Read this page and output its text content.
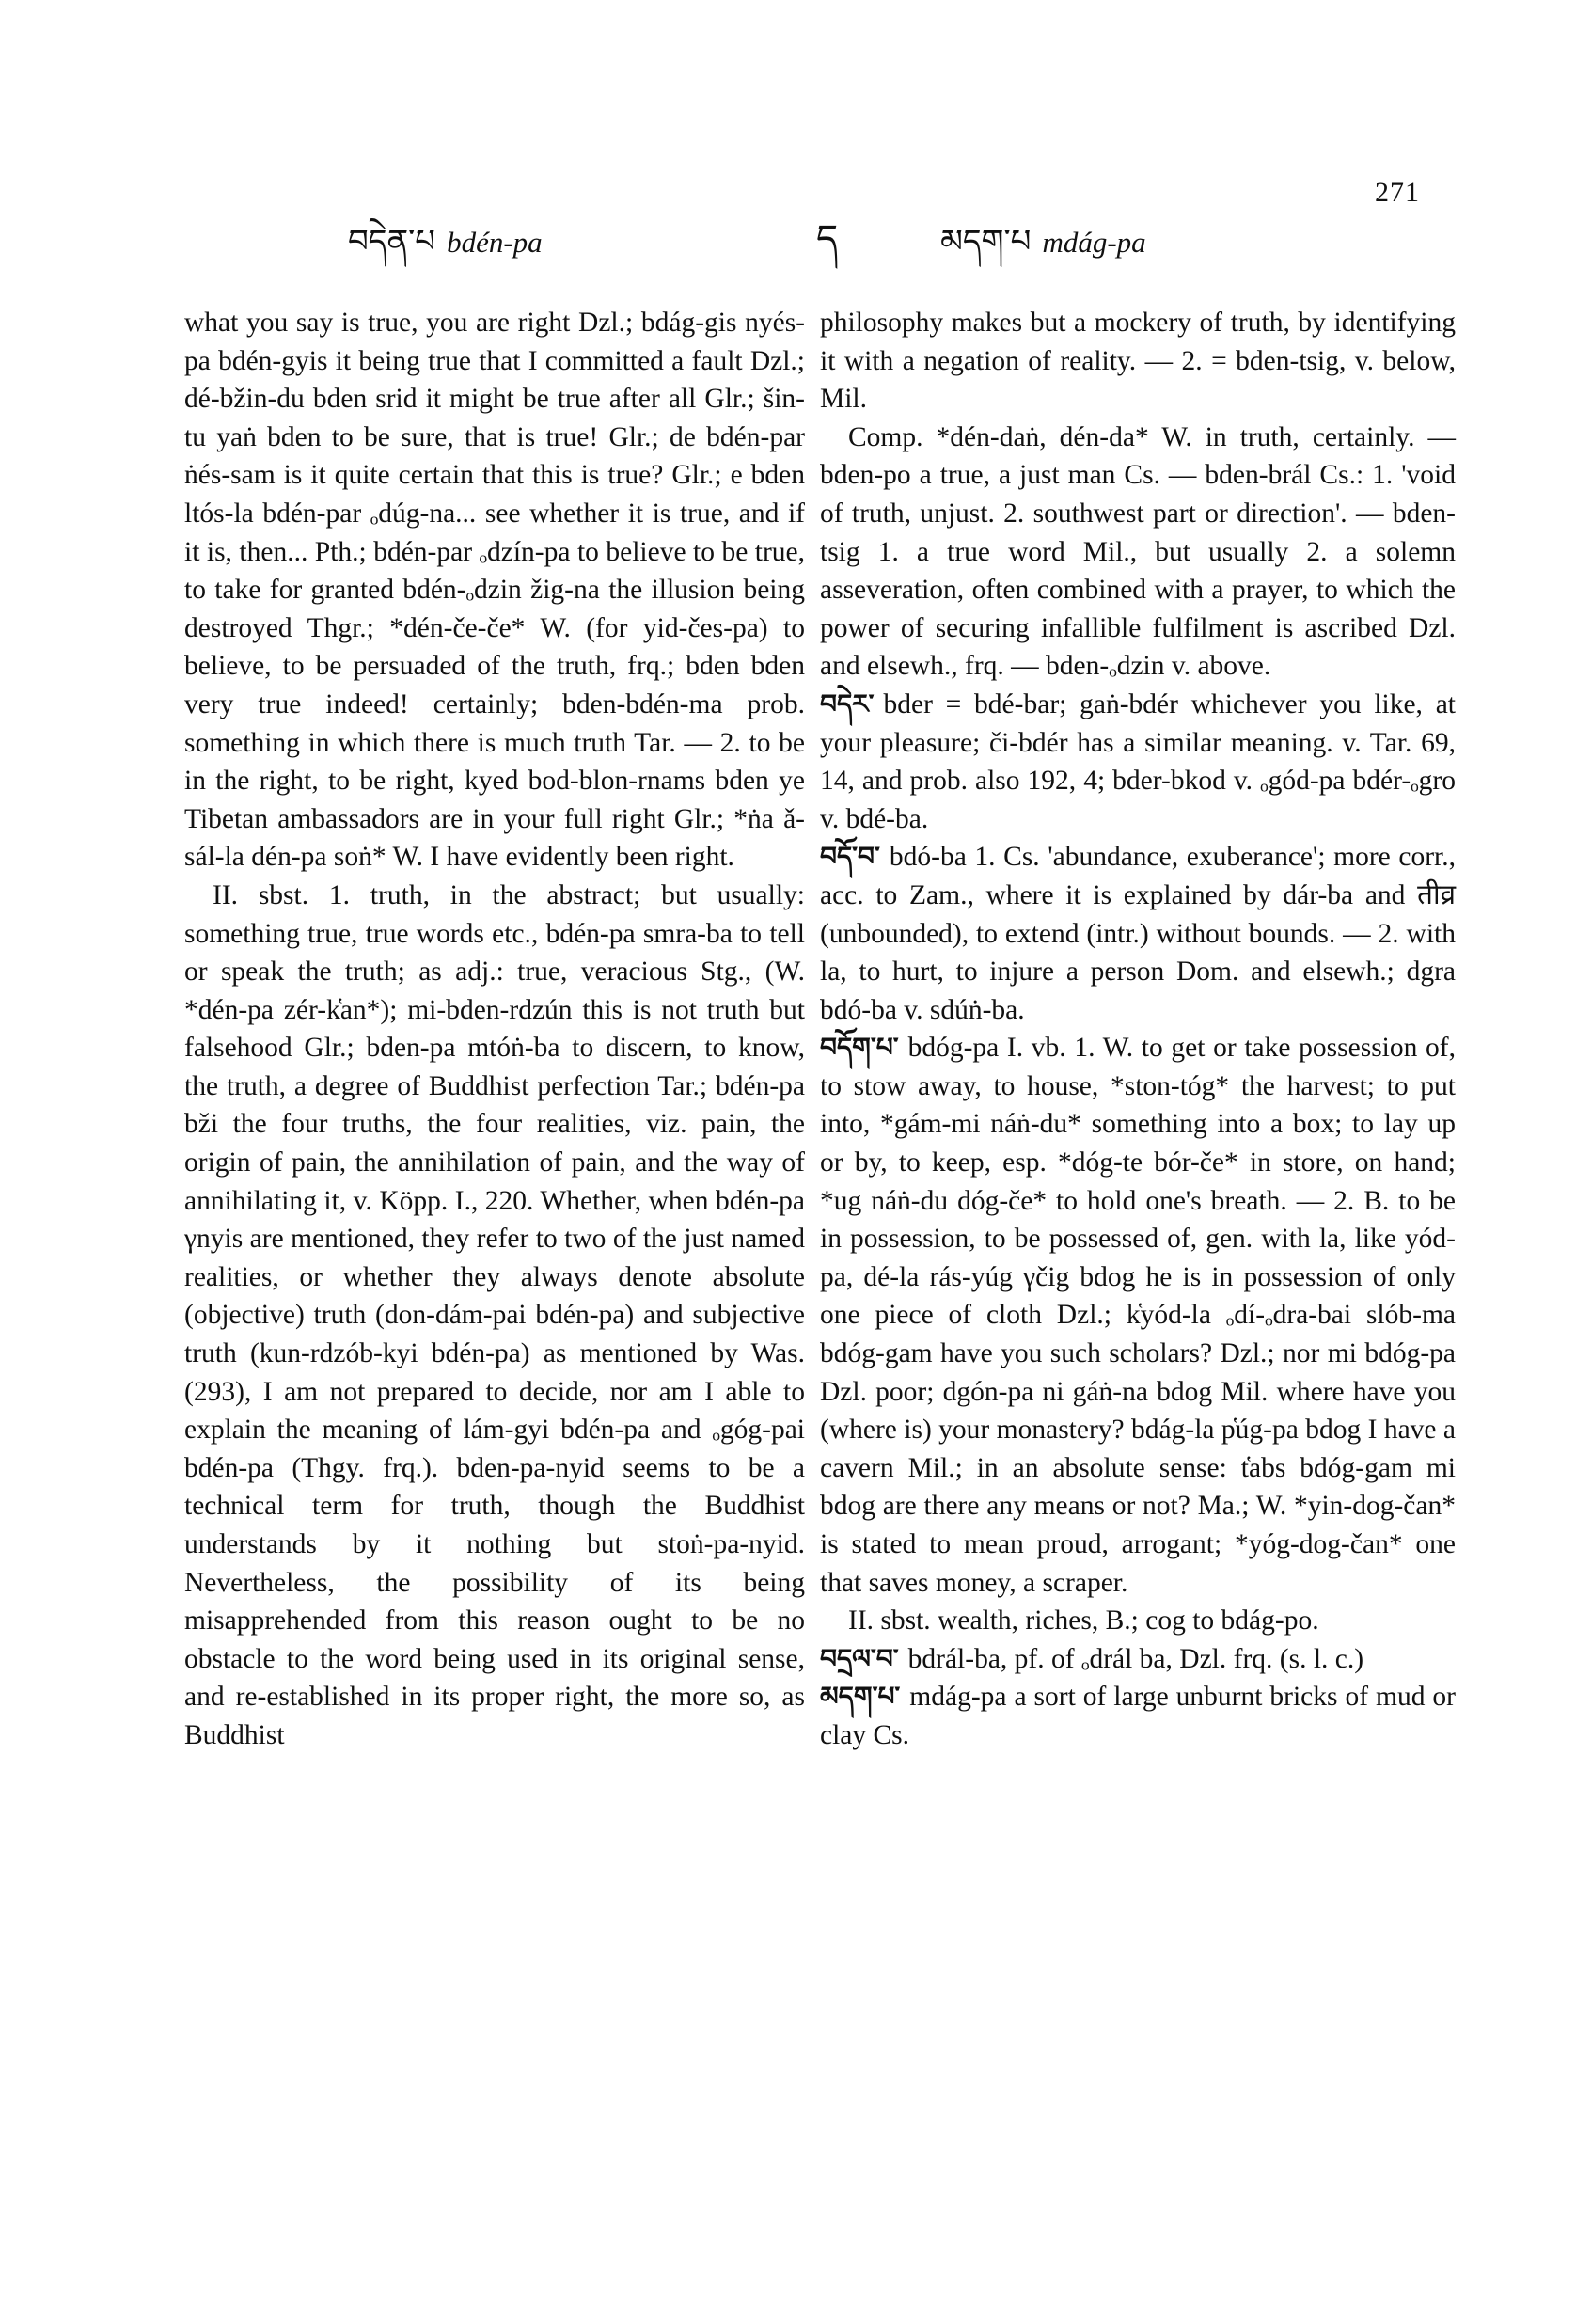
271
བདེན་པ bdén-pa	ད	མདག་པ mdág-pa

what you say is true, you are right Dzl.; bdág-gis nyés-pa bdén-gyis it being true that I committed a fault Dzl.; dé-bžin-du bden srid it might be true after all Glr.; šin-tu yaṅ bden to be sure, that is true! Glr.; de bdén-par ṅés-sam is it quite certain that this is true? Glr.; e bden ltós-la bdén-par ₒdúg-na... see whether it is true, and if it is, then... Pth.; bdén-par ₒdzín-pa to believe to be true, to take for granted bdén-ₒdzin žig-na the illusion being destroyed Thgr.; *dén-če-če* W. (for yid-čes-pa) to believe, to be persuaded of the truth, frq.; bden bden very true indeed! certainly; bden-bdén-ma prob. something in which there is much truth Tar. — 2. to be in the right, to be right, kyed bod-blon-rnams bden ye Tibetan ambassadors are in your full right Glr.; *ṅa ǎ-sál-la dén-pa soṅ* W. I have evidently been right.

II. sbst. 1. truth, in the abstract; but usually: something true, true words etc., bdén-pa smra-ba to tell or speak the truth; as adj.: true, veracious Stg., (W. *dén-pa zér-k̔an*); mi-bden-rdzún this is not truth but falsehood Glr.; bden-pa mtóṅ-ba to discern, to know, the truth, a degree of Buddhist perfection Tar.; bdén-pa bži the four truths, the four realities, viz. pain, the origin of pain, the annihilation of pain, and the way of annihilating it, v. Köpp. I., 220. Whether, when bdén-pa γnyis are mentioned, they refer to two of the just named realities, or whether they always denote absolute (objective) truth (don-dám-pai bdén-pa) and subjective truth (kun-rdzób-kyi bdén-pa) as mentioned by Was. (293), I am not prepared to decide, nor am I able to explain the meaning of lám-gyi bdén-pa and ₒgóg-pai bdén-pa (Thgy. frq.). bden-pa-nyid seems to be a technical term for truth, though the Buddhist understands by it nothing but stoṅ-pa-nyid. Nevertheless, the possibility of its being misapprehended from this reason ought to be no obstacle to the word being used in its original sense, and re-established in its proper right, the more so, as Buddhist

philosophy makes but a mockery of truth, by identifying it with a negation of reality. — 2. = bden-tsig, v. below, Mil.

Comp. *dén-daṅ, dén-da* W. in truth, certainly. — bden-po a true, a just man Cs. — bden-brál Cs.: 1. 'void of truth, unjust. 2. southwest part or direction'. — bden-tsig 1. a true word Mil., but usually 2. a solemn asseveration, often combined with a prayer, to which the power of securing infallible fulfilment is ascribed Dzl. and elsewh., frq. — bden-ₒdzin v. above.

བདེར་ bder = bdé-bar; gaṅ-bdér whichever you like, at your pleasure; či-bdér has a similar meaning. v. Tar. 69, 14, and prob. also 192, 4; bder-bkod v. ₒgód-pa bdér-ₒgro v. bdé-ba.

བདོ་བ་ bdó-ba 1. Cs. 'abundance, exuberance'; more corr., acc. to Zam., where it is explained by dár-ba and तीव्र (unbounded), to extend (intr.) without bounds. — 2. with la, to hurt, to injure a person Dom. and elsewh.; dgra bdó-ba v. sdúṅ-ba.

བདོག་པ་ bdóg-pa I. vb. 1. W. to get or take possession of, to stow away, to house, *ston-tóg* the harvest; to put into, *gám-mi náṅ-du* something into a box; to lay up or by, to keep, esp. *dóg-te bór-če* in store, on hand; *ug náṅ-du dóg-če* to hold one's breath. — 2. B. to be in possession, to be possessed of, gen. with la, like yód-pa, dé-la rás-yúg γčig bdog he is in possession of only one piece of cloth Dzl.; k̔yód-la ₒdí-ₒdra-bai slób-ma bdóg-gam have you such scholars? Dzl.; nor mi bdóg-pa Dzl. poor; dgón-pa ni gáṅ-na bdog Mil. where have you (where is) your monastery? bdág-la p̔úg-pa bdog I have a cavern Mil.; in an absolute sense: t̔abs bdóg-gam mi bdog are there any means or not? Ma.; W. *yin-dog-čan* is stated to mean proud, arrogant; *yóg-dog-čan* one that saves money, a scraper.

II. sbst. wealth, riches, B.; cog to bdág-po.

བདྲལ་བ་ bdrál-ba, pf. of ₒdrál ba, Dzl. frq. (s. l. c.)

མདག་པ་ mdág-pa a sort of large unburnt bricks of mud or clay Cs.
